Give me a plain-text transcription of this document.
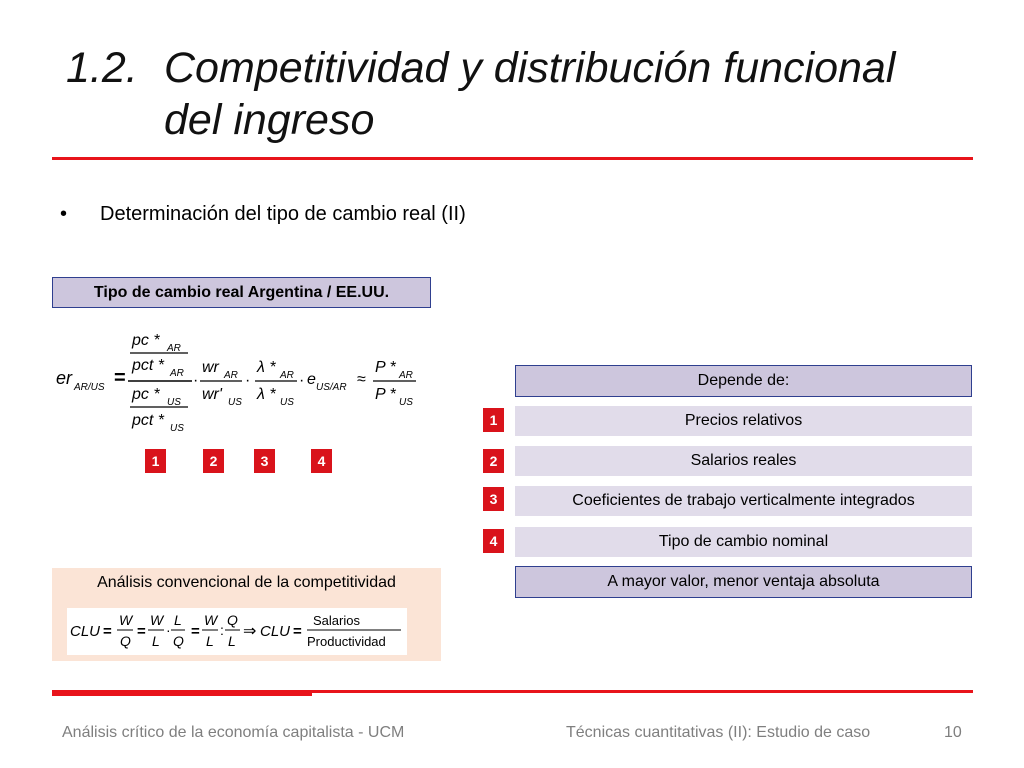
1.2. Competitividad y distribución funcional
del ingreso
• Determinación del tipo de cambio real (II)
Tipo de cambio real Argentina / EE.UU.
er AR/US =
pc * AR
pct * AR
pc * US
pct * US
·
wr AR
wr' US
·
λ * AR
λ * US
· e US/AR ≈
P * AR
P * US
1	2	3	4
Análisis convencional de la competitividad
CLU =
W
Q
=
W
L
·
L
Q
=
W
L
:
Q
L
⇒ CLU =
Salarios
Productividad
Depende de:
1	Precios relativos
2	Salarios reales
3	Coeficientes de trabajo verticalmente integrados
4	Tipo de cambio nominal
A mayor valor, menor ventaja absoluta
Análisis crítico de la economía capitalista - UCM	Técnicas cuantitativas (II): Estudio de caso	10
